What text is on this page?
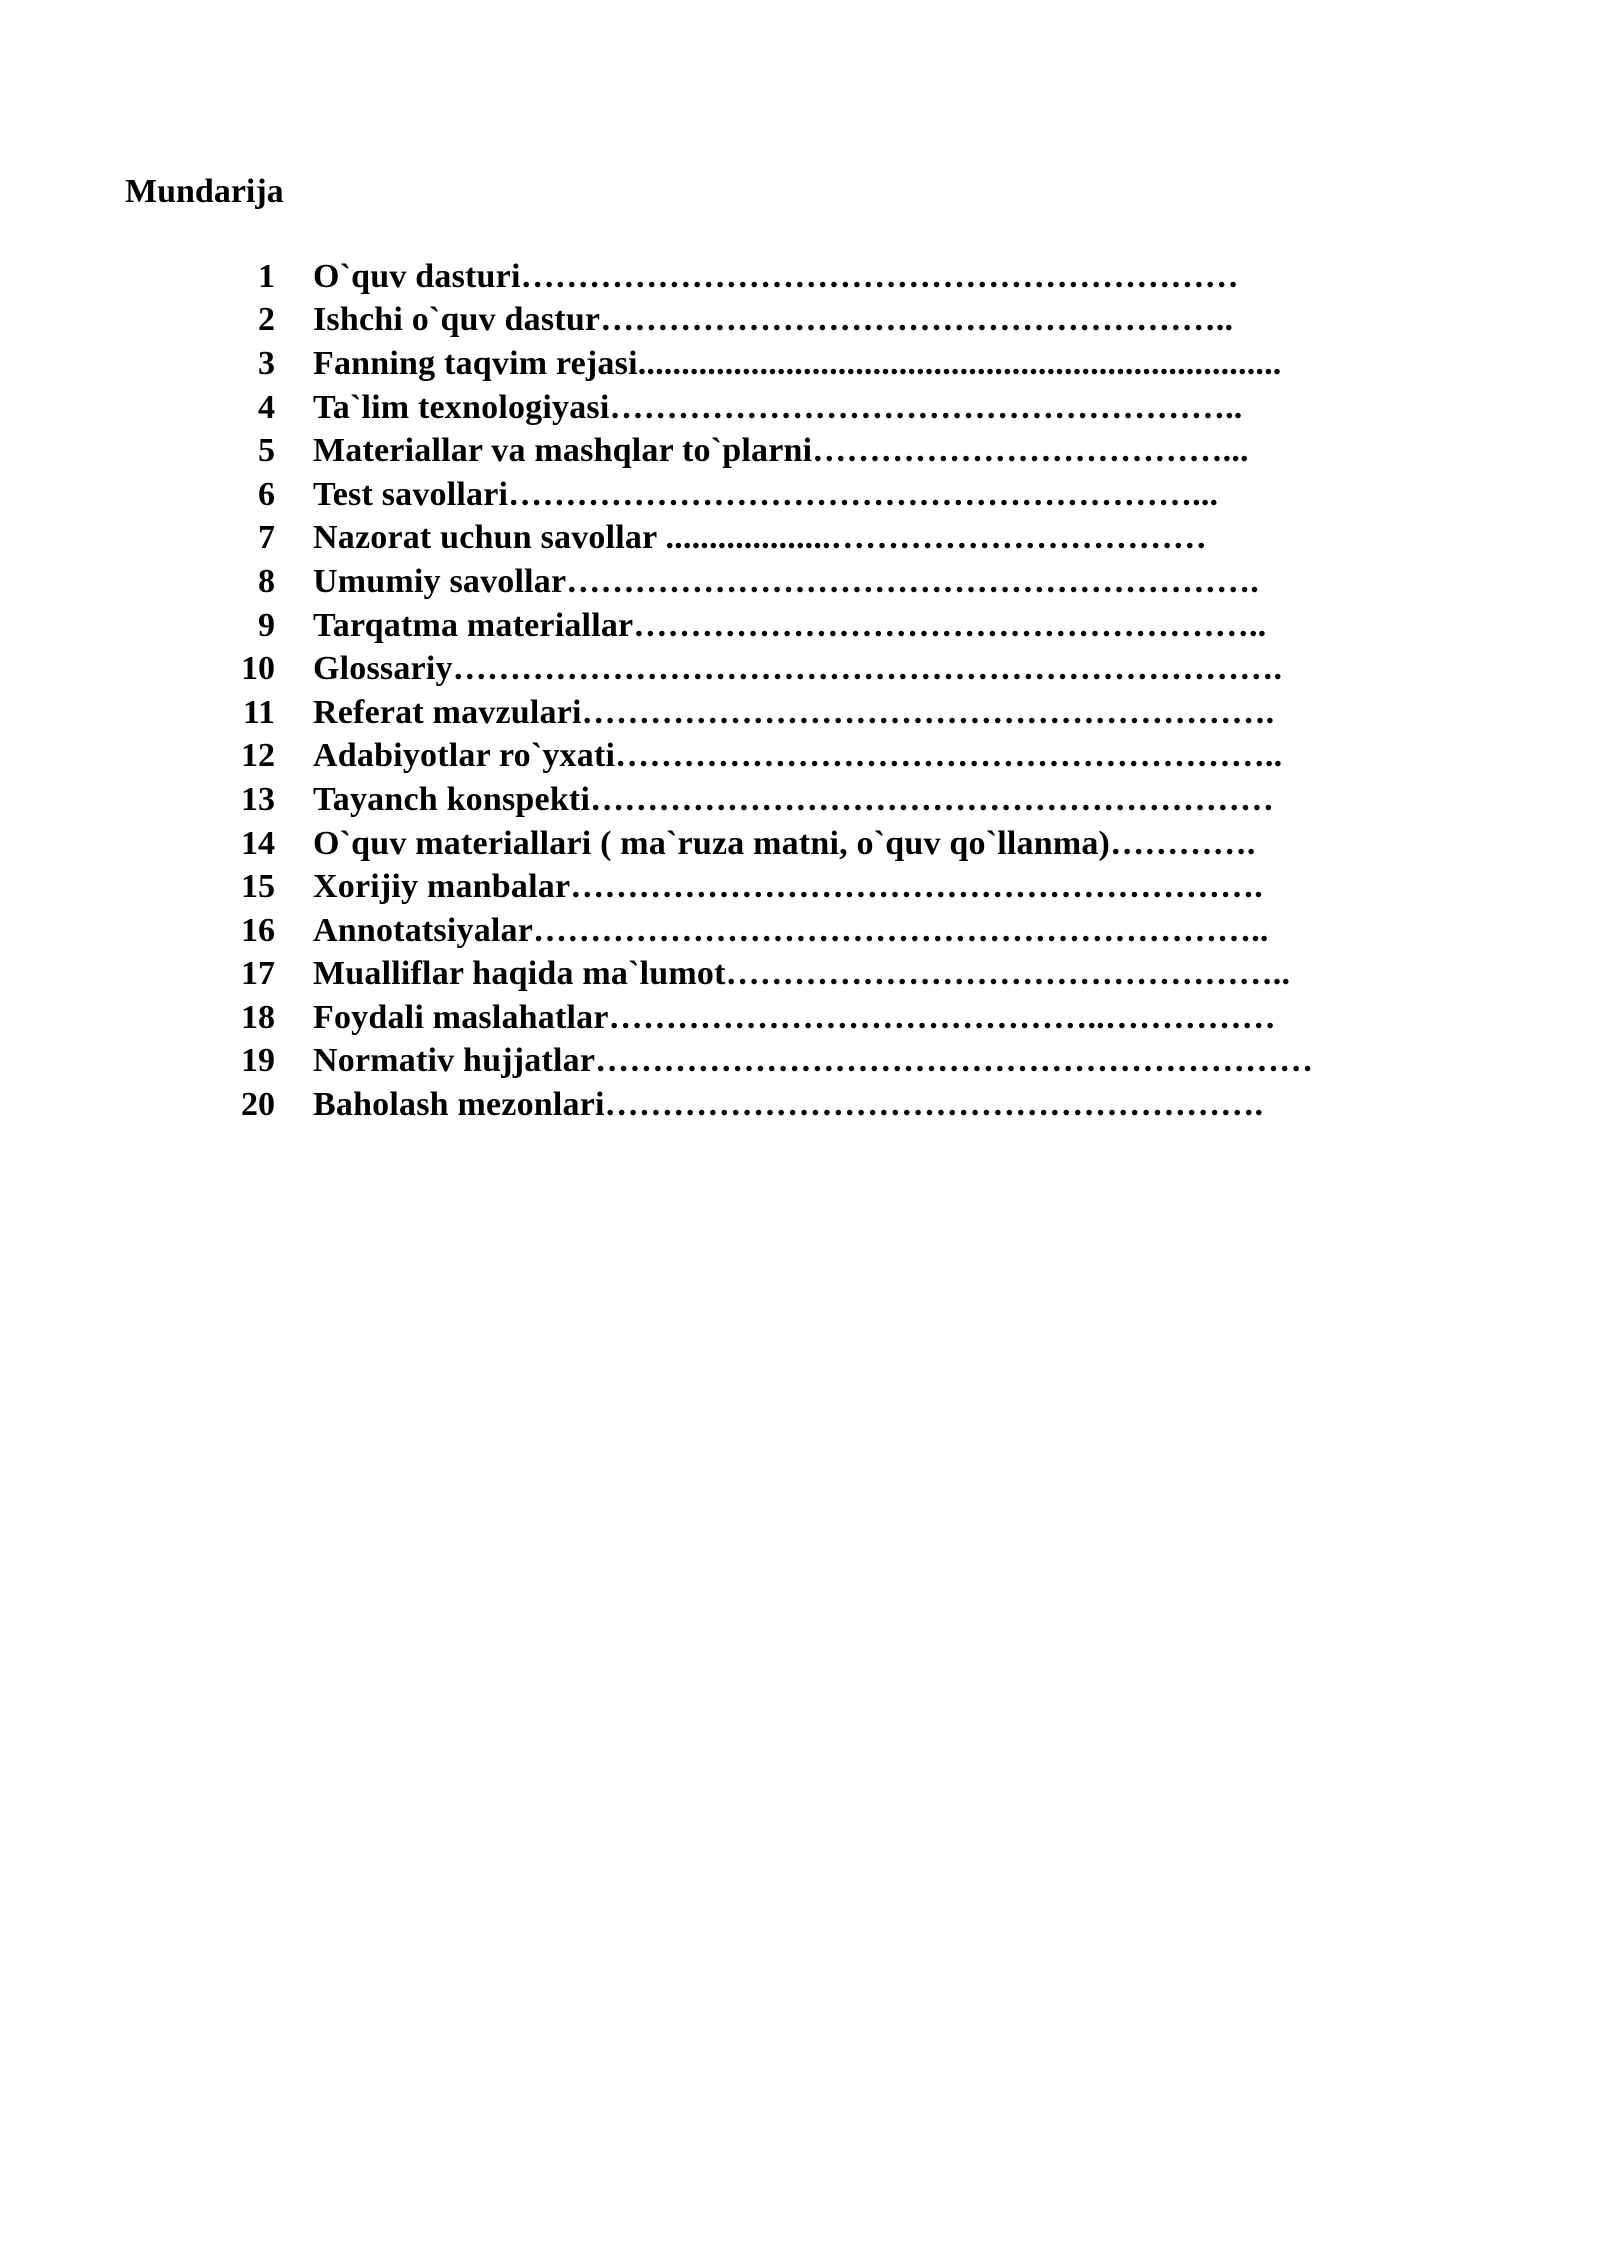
Mundarija
1 O`quv dasturi………………………………………………………
2 Ishchi o`quv dastur………………………………………………..
3 Fanning taqvim rejasi..........................................................................
4 Ta`lim texnologiyasi………………………………………………..
5 Materiallar va mashqlar to`plarni………………………………...
6 Test savollari……………………………………………………...
7 Nazorat uchun savollar ...................……………………………
8 Umumiy savollar…………………………………………………….
9 Tarqatma materiallar………………………………………………..
10 Glossariy……………………………………………………………….
11 Referat mavzulari…………………………………………………….
12 Adabiyotlar ro`yxati…………………………………………………..
13 Tayanch konspekti……………………………………………………
14 O`quv materiallari ( ma`ruza matni, o`quv qo`llanma)………….
15 Xorijiy manbalar…………………………………………………….
16 Annotatsiyalar………………………………………………………..
17 Mualliflar haqida ma`lumot…………………………………………..
18 Foydali maslahatlar……………………………………..……………
19 Normativ hujjatlar………………………………………………………
20 Baholash mezonlari………………………………………………….
